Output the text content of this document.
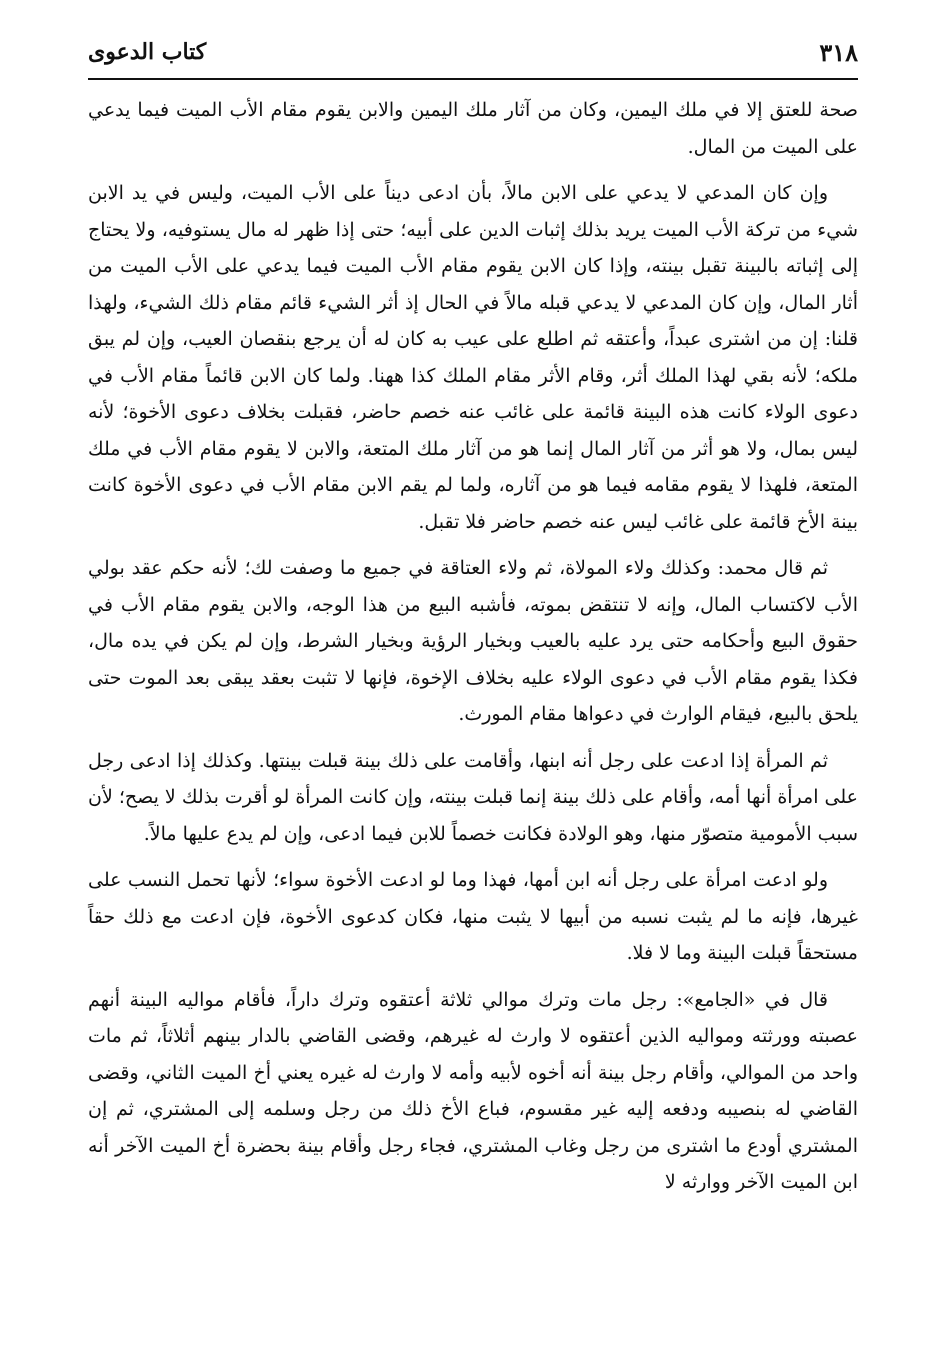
٣١٨
كتاب الدعوى

صحة للعتق إلا في ملك اليمين، وكان من آثار ملك اليمين والابن يقوم مقام الأب الميت فيما يدعي على الميت من المال.

وإن كان المدعي لا يدعي على الابن مالاً، بأن ادعى ديناً على الأب الميت، وليس في يد الابن شيء من تركة الأب الميت يريد بذلك إثبات الدين على أبيه؛ حتى إذا ظهر له مال يستوفيه، ولا يحتاج إلى إثباته بالبينة تقبل بينته، وإذا كان الابن يقوم مقام الأب الميت فيما يدعي على الأب الميت من أثار المال، وإن كان المدعي لا يدعي قبله مالاً في الحال إذ أثر الشيء قائم مقام ذلك الشيء، ولهذا قلنا: إن من اشترى عبداً، وأعتقه ثم اطلع على عيب به كان له أن يرجع بنقصان العيب، وإن لم يبق ملكه؛ لأنه بقي لهذا الملك أثر، وقام الأثر مقام الملك كذا ههنا. ولما كان الابن قائماً مقام الأب في دعوى الولاء كانت هذه البينة قائمة على غائب عنه خصم حاضر، فقبلت بخلاف دعوى الأخوة؛ لأنه ليس بمال، ولا هو أثر من آثار المال إنما هو من آثار ملك المتعة، والابن لا يقوم مقام الأب في ملك المتعة، فلهذا لا يقوم مقامه فيما هو من آثاره، ولما لم يقم الابن مقام الأب في دعوى الأخوة كانت بينة الأخ قائمة على غائب ليس عنه خصم حاضر فلا تقبل.

ثم قال محمد: وكذلك ولاء المولاة، ثم ولاء العتاقة في جميع ما وصفت لك؛ لأنه حكم عقد بولي الأب لاكتساب المال، وإنه لا تنتقض بموته، فأشبه البيع من هذا الوجه، والابن يقوم مقام الأب في حقوق البيع وأحكامه حتى يرد عليه بالعيب وبخيار الرؤية وبخيار الشرط، وإن لم يكن في يده مال، فكذا يقوم مقام الأب في دعوى الولاء عليه بخلاف الإخوة، فإنها لا تثبت بعقد يبقى بعد الموت حتى يلحق بالبيع، فيقام الوارث في دعواها مقام المورث.

ثم المرأة إذا ادعت على رجل أنه ابنها، وأقامت على ذلك بينة قبلت بينتها. وكذلك إذا ادعى رجل على امرأة أنها أمه، وأقام على ذلك بينة إنما قبلت بينته، وإن كانت المرأة لو أقرت بذلك لا يصح؛ لأن سبب الأمومية متصوّر منها، وهو الولادة فكانت خصماً للابن فيما ادعى، وإن لم يدع عليها مالاً.

ولو ادعت امرأة على رجل أنه ابن أمها، فهذا وما لو ادعت الأخوة سواء؛ لأنها تحمل النسب على غيرها، فإنه ما لم يثبت نسبه من أبيها لا يثبت منها، فكان كدعوى الأخوة، فإن ادعت مع ذلك حقاً مستحقاً قبلت البينة وما لا فلا.

قال في «الجامع»: رجل مات وترك موالي ثلاثة أعتقوه وترك داراً، فأقام مواليه البينة أنهم عصبته وورثته ومواليه الذين أعتقوه لا وارث له غيرهم، وقضى القاضي بالدار بينهم أثلاثاً، ثم مات واحد من الموالي، وأقام رجل بينة أنه أخوه لأبيه وأمه لا وارث له غيره يعني أخ الميت الثاني، وقضى القاضي له بنصيبه ودفعه إليه غير مقسوم، فباع الأخ ذلك من رجل وسلمه إلى المشتري، ثم إن المشتري أودع ما اشترى من رجل وغاب المشتري، فجاء رجل وأقام بينة بحضرة أخ الميت الآخر أنه ابن الميت الآخر ووارثه لا
